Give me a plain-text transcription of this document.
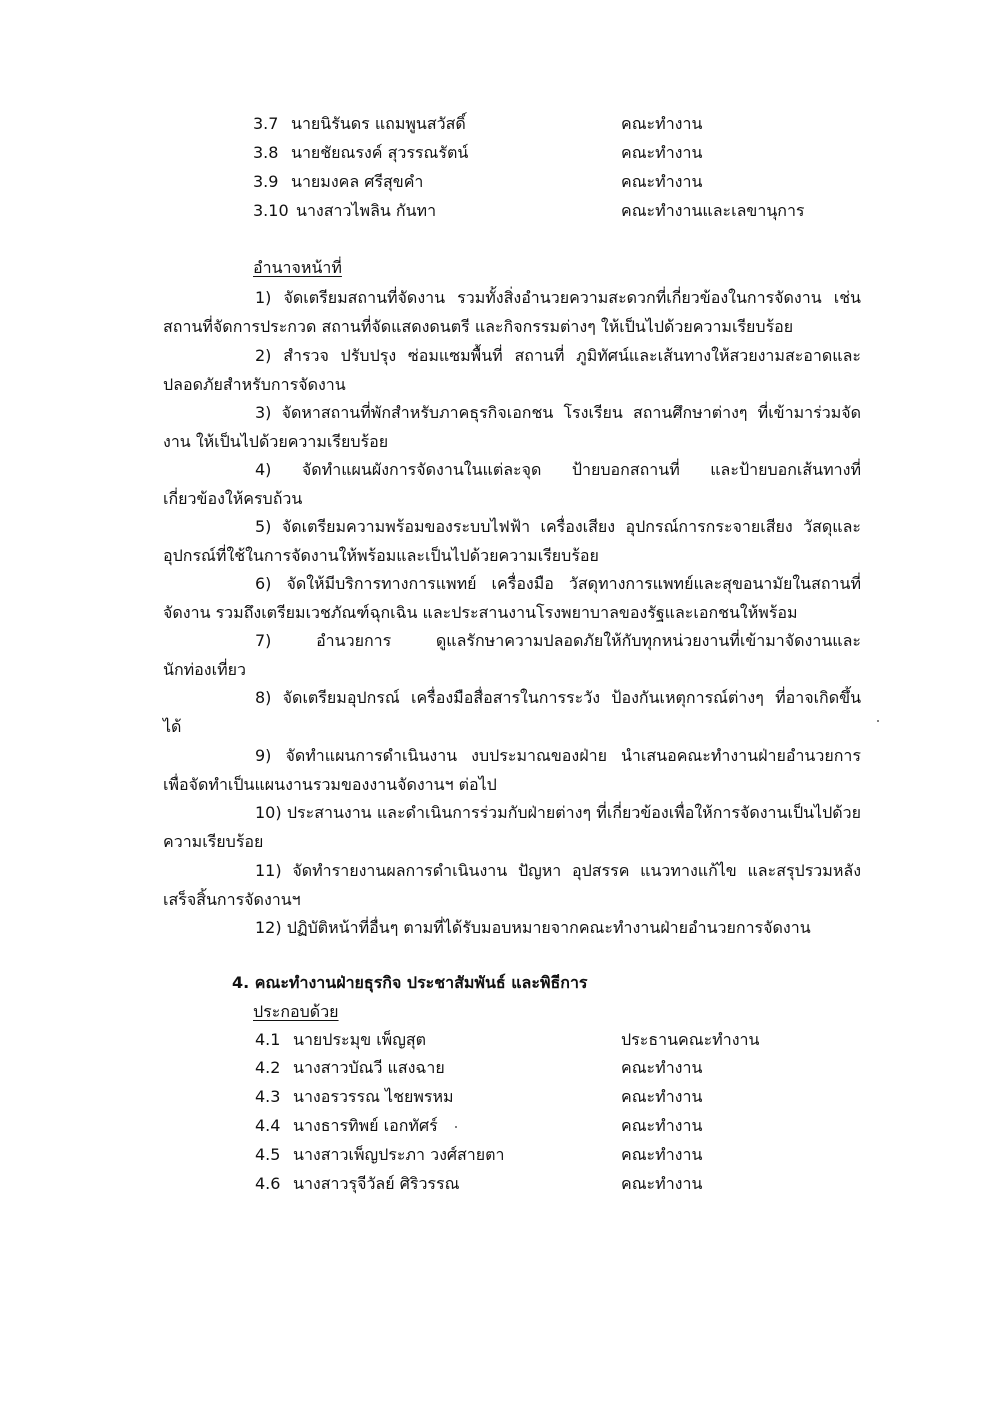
3.7 นายนิรันดร แถมพูนสวัสดิ์	คณะทำงาน
3.8 นายชัยณรงค์ สุวรรณรัตน์	คณะทำงาน
3.9 นายมงคล ศรีสุขคำ	คณะทำงาน
3.10 นางสาวไพลิน กันทา	คณะทำงานและเลขานุการ
อำนาจหน้าที่
1) จัดเตรียมสถานที่จัดงาน รวมทั้งสิ่งอำนวยความสะดวกที่เกี่ยวข้องในการจัดงาน เช่น
สถานที่จัดการประกวด สถานที่จัดแสดงดนตรี และกิจกรรมต่างๆ ให้เป็นไปด้วยความเรียบร้อย
2) สำรวจ ปรับปรุง ซ่อมแซมพื้นที่ สถานที่ ภูมิทัศน์และเส้นทางให้สวยงามสะอาดและ
ปลอดภัยสำหรับการจัดงาน
3) จัดหาสถานที่พักสำหรับภาคธุรกิจเอกชน โรงเรียน สถานศึกษาต่างๆ ที่เข้ามาร่วมจัด
งาน ให้เป็นไปด้วยความเรียบร้อย
4) จัดทำแผนผังการจัดงานในแต่ละจุด ป้ายบอกสถานที่ และป้ายบอกเส้นทางที่
เกี่ยวข้องให้ครบถ้วน
5) จัดเตรียมความพร้อมของระบบไฟฟ้า เครื่องเสียง อุปกรณ์การกระจายเสียง วัสดุและ
อุปกรณ์ที่ใช้ในการจัดงานให้พร้อมและเป็นไปด้วยความเรียบร้อย
6) จัดให้มีบริการทางการแพทย์ เครื่องมือ วัสดุทางการแพทย์และสุขอนามัยในสถานที่
จัดงาน รวมถึงเตรียมเวชภัณฑ์ฉุกเฉิน และประสานงานโรงพยาบาลของรัฐและเอกชนให้พร้อม
7) อำนวยการ ดูแลรักษาความปลอดภัยให้กับทุกหน่วยงานที่เข้ามาจัดงานและ
นักท่องเที่ยว
8) จัดเตรียมอุปกรณ์ เครื่องมือสื่อสารในการระวัง ป้องกันเหตุการณ์ต่างๆ ที่อาจเกิดขึ้น
ได้
9) จัดทำแผนการดำเนินงาน งบประมาณของฝ่าย นำเสนอคณะทำงานฝ่ายอำนวยการ
เพื่อจัดทำเป็นแผนงานรวมของงานจัดงานฯ ต่อไป
10) ประสานงาน และดำเนินการร่วมกับฝ่ายต่างๆ ที่เกี่ยวข้องเพื่อให้การจัดงานเป็นไปด้วย
ความเรียบร้อย
11) จัดทำรายงานผลการดำเนินงาน ปัญหา อุปสรรค แนวทางแก้ไข และสรุปรวมหลัง
เสร็จสิ้นการจัดงานฯ
12) ปฏิบัติหน้าที่อื่นๆ ตามที่ได้รับมอบหมายจากคณะทำงานฝ่ายอำนวยการจัดงาน
4. คณะทำงานฝ่ายธุรกิจ ประชาสัมพันธ์ และพิธีการ
ประกอบด้วย
4.1 นายประมุข เพ็ญสุต	ประธานคณะทำงาน
4.2 นางสาวบัณวี แสงฉาย	คณะทำงาน
4.3 นางอรวรรณ ไชยพรหม	คณะทำงาน
4.4 นางธารทิพย์ เอกทัศร์	คณะทำงาน
4.5 นางสาวเพ็ญประภา วงศ์สายตา	คณะทำงาน
4.6 นางสาวรุจีวัลย์ ศิริวรรณ	คณะทำงาน
